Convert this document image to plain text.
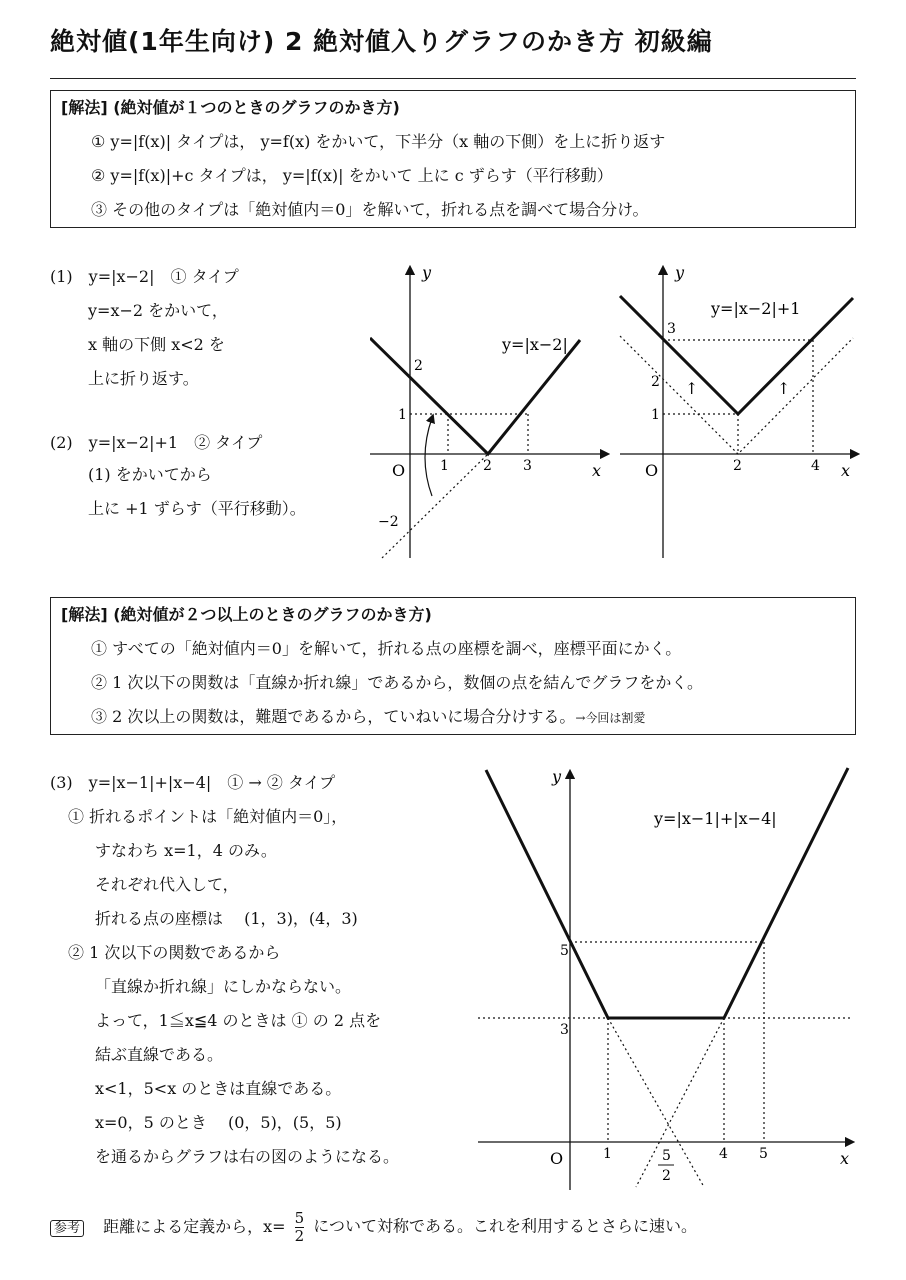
絶対値(1年生向け) 2 絶対値入りグラフのかき方 初級編
[解法] (絶対値が１つのときのグラフのかき方)
① y=|f(x)| タイプは， y=f(x) をかいて，下半分（x 軸の下側）を上に折り返す
② y=|f(x)|+c タイプは， y=|f(x)| をかいて 上に c ずらす（平行移動）
③ その他のタイプは「絶対値内＝0」を解いて，折れる点を調べて場合分け。
(1)　y=|x−2|　① タイプ
y=x−2 をかいて，
x 軸の下側 x<2 を
上に折り返す。
(2)　y=|x−2|+1　② タイプ
(1) をかいてから
上に +1 ずらす（平行移動）。
y=|x−2|
y
x
O 1 2 3
1
2
−2
y=|x−2|+1
y
x
O	2	4
1
2
3
↑	↑
[解法] (絶対値が２つ以上のときのグラフのかき方)
① すべての「絶対値内＝0」を解いて，折れる点の座標を調べ，座標平面にかく。
② 1 次以下の関数は「直線か折れ線」であるから，数個の点を結んでグラフをかく。
③ 2 次以上の関数は，難題であるから，ていねいに場合分けする。→今回は割愛
(3)　y=|x−1|+|x−4|　① → ② タイプ
① 折れるポイントは「絶対値内＝0」，
すなわち x=1，4 のみ。
それぞれ代入して，
折れる点の座標は　 (1，3)，(4，3)
② 1 次以下の関数であるから
「直線か折れ線」にしかならない。
よって，1≦x≦4 のときは ① の 2 点を
結ぶ直線である。
x<1，5<x のときは直線である。
x=0，5 のとき　 (0，5)，(5，5)
を通るからグラフは右の図のようになる。
y=|x−1|+|x−4|
y
x
O	1	4 5
3
5
5
2
参考 距離による定義から，$x= \frac{5}{2}$ について対称である。これを利用するとさらに速い。
